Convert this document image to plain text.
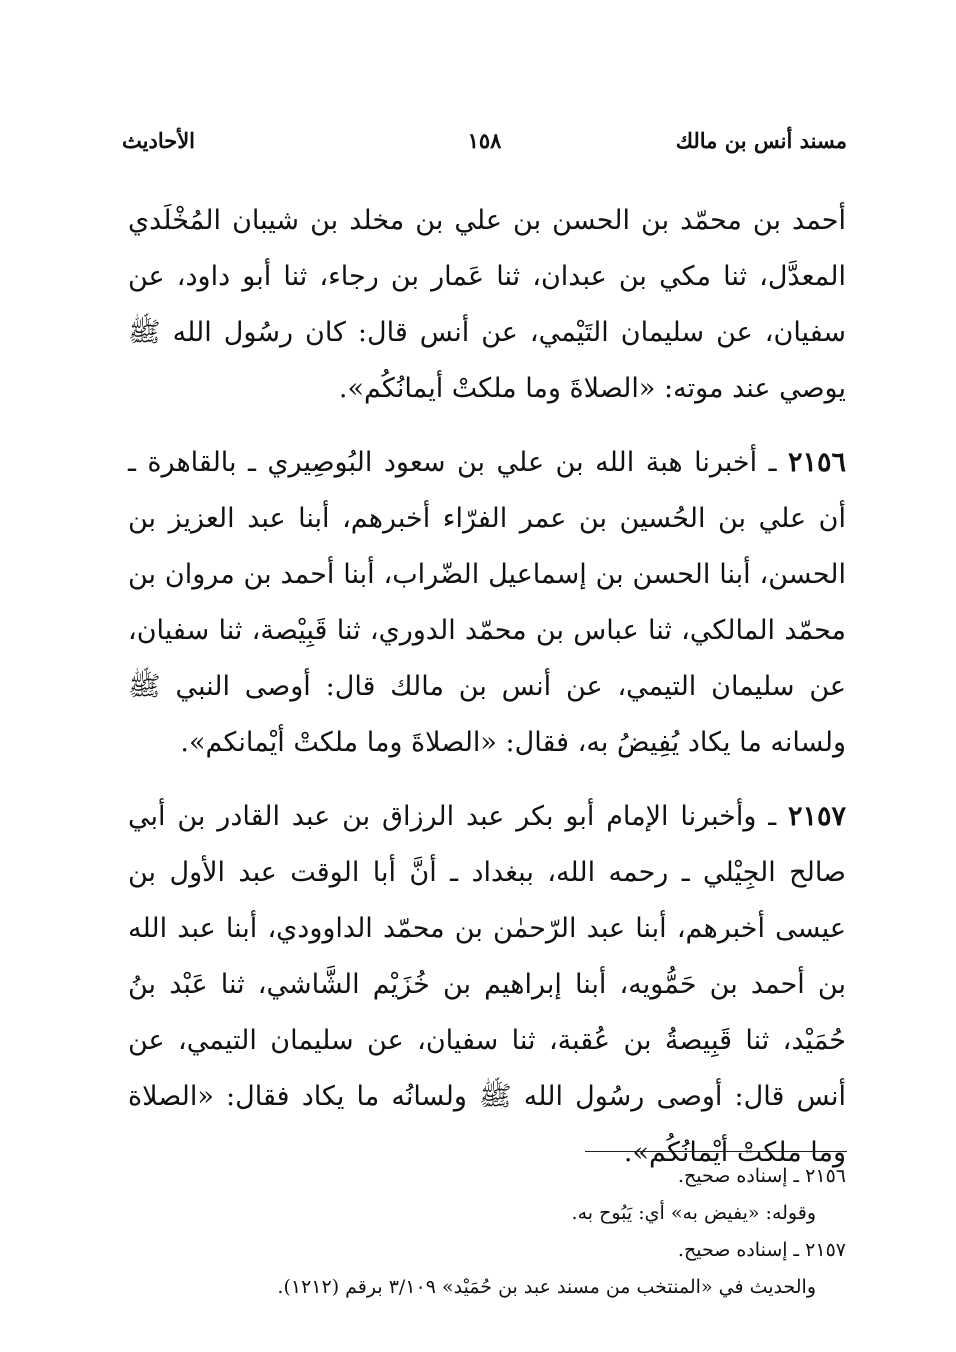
مسند أنس بن مالك
١٥٨
الأحاديث

أحمد بن محمّد بن الحسن بن علي بن مخلد بن شيبان المُخْلَدي المعدَّل، ثنا مكي بن عبدان، ثنا عَمار بن رجاء، ثنا أبو داود، عن سفيان، عن سليمان التَيْمي، عن أنس قال: كان رسُول الله ﷺ يوصي عند موته: «الصلاةَ وما ملكتْ أيمانُكُم».

٢١٥٦ ـ أخبرنا هبة الله بن علي بن سعود البُوصِيري ـ بالقاهرة ـ أن علي بن الحُسين بن عمر الفرّاء أخبرهم، أبنا عبد العزيز بن الحسن، أبنا الحسن بن إسماعيل الضّراب، أبنا أحمد بن مروان بن محمّد المالكي، ثنا عباس بن محمّد الدوري، ثنا قَبِيْصة، ثنا سفيان، عن سليمان التيمي، عن أنس بن مالك قال: أوصى النبي ﷺ ولسانه ما يكاد يُفِيضُ به، فقال: «الصلاةَ وما ملكتْ أيْمانكم».

٢١٥٧ ـ وأخبرنا الإمام أبو بكر عبد الرزاق بن عبد القادر بن أبي صالح الجِيْلي ـ رحمه الله، ببغداد ـ أنَّ أبا الوقت عبد الأول بن عيسى أخبرهم، أبنا عبد الرّحمٰن بن محمّد الداوودي، أبنا عبد الله بن أحمد بن حَمُّويه، أبنا إبراهيم بن خُزَيْم الشَّاشي، ثنا عَبْد بنُ حُمَيْد، ثنا قَبِيصةُ بن عُقبة، ثنا سفيان، عن سليمان التيمي، عن أنس قال: أوصى رسُول الله ﷺ ولسانُه ما يكاد فقال: «الصلاة وما ملكتْ أيْمانُكُم».

٢١٥٦ ـ إسناده صحيح.
وقوله: «يفيض به» أي: يَبُوح به.
٢١٥٧ ـ إسناده صحيح.
والحديث في «المنتخب من مسند عبد بن حُمَيْد» ٣/١٠٩ برقم (١٢١٢).
